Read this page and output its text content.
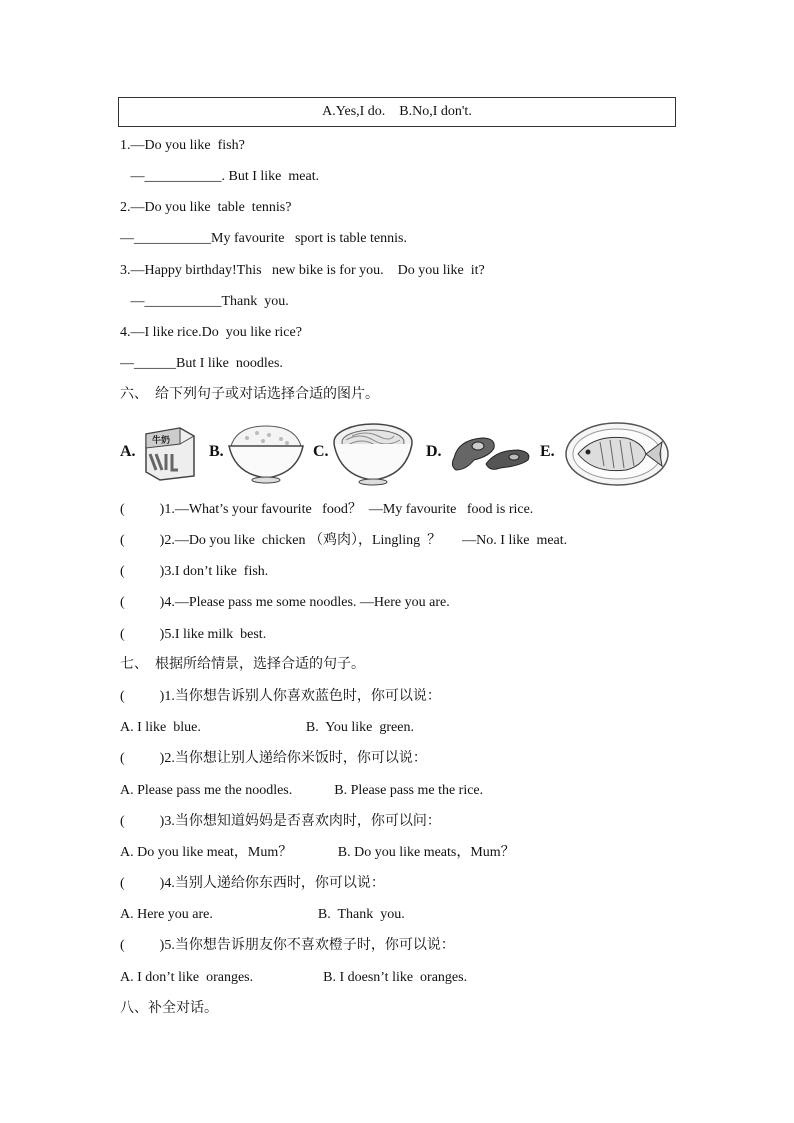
A.Yes,I do.    B.No,I don't.
1.—Do you like  fish?
—___________. But I like  meat.
2.—Do you like  table  tennis?
—___________My favourite   sport is table tennis.
3.—Happy birthday!This   new bike is for you.    Do you like  it?
—___________Thank  you.
4.—I like rice.Do  you like rice?
—______But I like  noodles.
六、  给下列句子或对话选择合适的图片。
A.
牛奶
B.	C.	D.	E.
(          )1.—What’s your favourite   food？  —My favourite   food is rice.
(          )2.—Do you like  chicken （鸡肉），Lingling  ？      —No. I like  meat.
(          )3.I don’t like  fish.
(          )4.—Please pass me some noodles. —Here you are.
(          )5.I like milk  best.
七、  根据所给情景，选择合适的句子。
(          )1.当你想告诉别人你喜欢蓝色时，你可以说：
A. I like  blue.                              B.  You like  green.
(          )2.当你想让别人递给你米饭时，你可以说：
A. Please pass me the noodles.            B. Please pass me the rice.
(          )3.当你想知道妈妈是否喜欢肉时，你可以问：
A. Do you like meat，Mum？             B. Do you like meats，Mum？
(          )4.当别人递给你东西时，你可以说：
A. Here you are.                              B.  Thank  you.
(          )5.当你想告诉朋友你不喜欢橙子时，你可以说：
A. I don’t like  oranges.                    B. I doesn’t like  oranges.
八、补全对话。
